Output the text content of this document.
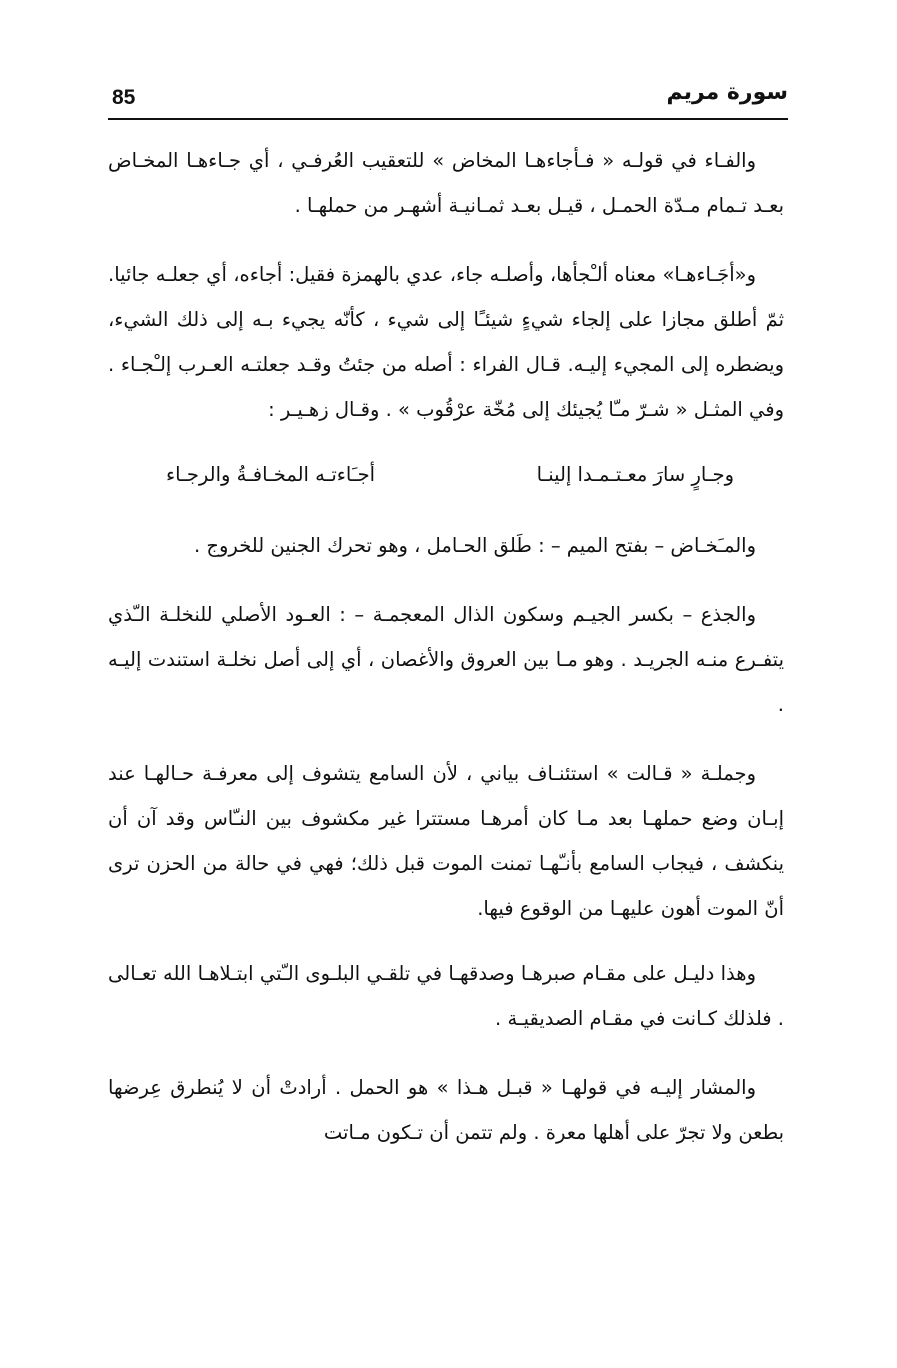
85	سورة مريم

والفـاء في قولـه « فـأجاءهـا المخاض » للتعقيب العُرفـي ، أي جـاءهـا المخـاض بعـد تـمام مـدّة الحمـل ، قيـل بعـد ثمـانيـة أشهـر من حملهـا .

و«أجَـاءهـا» معناه ألـْجأها، وأصلـه جاء، عدي بالهمزة فقيل: أجاءه، أي جعلـه جائيا. ثمّ أطلق مجازا على إلجاء شيءٍ شيئـًا إلى شيء ، كأنّه يجيء بـه إلى ذلك الشيء، ويضطره إلى المجيء إليـه. قـال الفراء : أصله من جئتُ وقـد جعلتـه العـرب إلـْجـاء . وفي المثـل « شـرّ مـّا يُجيئك إلى مُخّة عرْقُوب » . وقـال زهـيـر :

وجـارٍ سارَ معـتـمـدا إلينـا
أجـَاءتـه المخـافـةُ والرجـاء

والمـَخـاض – بفتح الميم – : طَلق الحـامل ، وهو تحرك الجنين للخروج .

والجذع – بكسر الجيـم وسكون الذال المعجمـة – : العـود الأصلي للنخلـة الـّذي يتفـرع منـه الجريـد . وهو مـا بين العروق والأغصان ، أي إلى أصل نخلـة استندت إليـه .

وجملـة « قـالت » استئنـاف بياني ، لأن السامع يتشوف إلى معرفـة حـالهـا عند إبـان وضع حملهـا بعد مـا كان أمرهـا مستترا غير مكشوف بين النـّاس وقد آن أن ينكشف ، فيجاب السامع بأنـّهـا تمنت الموت قبل ذلك؛ فهي في حالة من الحزن ترى أنّ الموت أهون عليهـا من الوقوع فيها.

وهذا دليـل على مقـام صبرهـا وصدقهـا في تلقـي البلـوى الـّتي ابتـلاهـا الله تعـالى . فلذلك كـانت في مقـام الصديقيـة .

والمشار إليـه في قولهـا « قبـل هـذا » هو الحمل . أرادتْ أن لا يُنطرق عِرضها بطعن ولا تجرّ على أهلها معرة . ولم تتمن أن تـكون مـاتت
